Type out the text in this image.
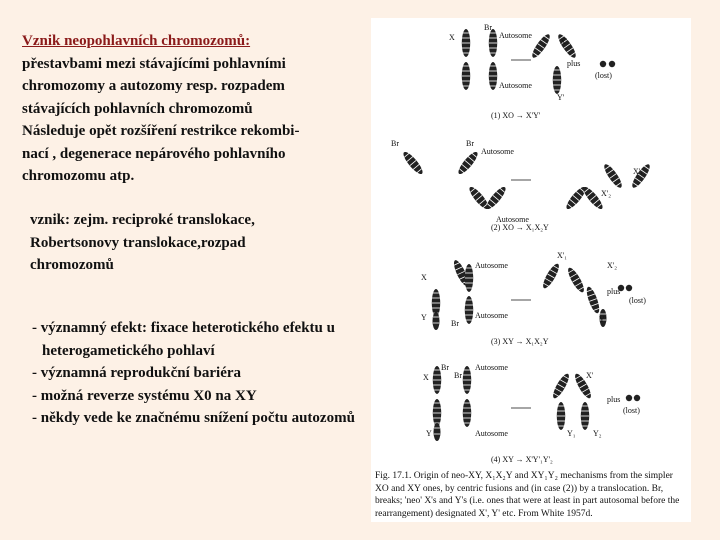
Vznik neopohlavních chromozomů:
přestavbami mezi stávajícími pohlavními
chromozomy a autozomy resp. rozpadem
stávajících pohlavních chromozomů
Následuje opět rozšíření restrikce rekombi-
nací , degenerace nepárového pohlavního
chromozomu atp.
vznik: zejm. reciproké translokace,
Robertsonovy translokace,rozpad
chromozomů
- významný efekt: fixace heterotického efektu u heterogametického pohlaví
- významná reprodukční bariéra
- možná reverze systému X0 na XY
- někdy vede ke značnému snížení počtu autozomů
X
Br
Autosome
X'
plus
(lost)
Autosome
Y'
(1) XO → X'Y'
Br	Br
Autosome
X'₁
X'₂
Autosome
(2) XO → X₁X₂Y
X
Autosome
X'₁
X'₂
plus
(lost)
Y
Br
Autosome	Y'
(3) XY → X₁X₂Y
X
Br
Br
Autosome
X'
plus
(lost)
Autosome
Y	Y₁ Y₂
(4) XY → X'Y'₁Y'₂
Fig. 17.1. Origin of neo-XY, X₁X₂Y and XY₁Y₂ mechanisms from the simpler XO and XY ones, by centric fusions and (in case (2)) by a translocation. Br, breaks; 'neo' X's and Y's (i.e. ones that were at least in part autosomal before the rearrangement) designated X', Y' etc. From White 1957d.
